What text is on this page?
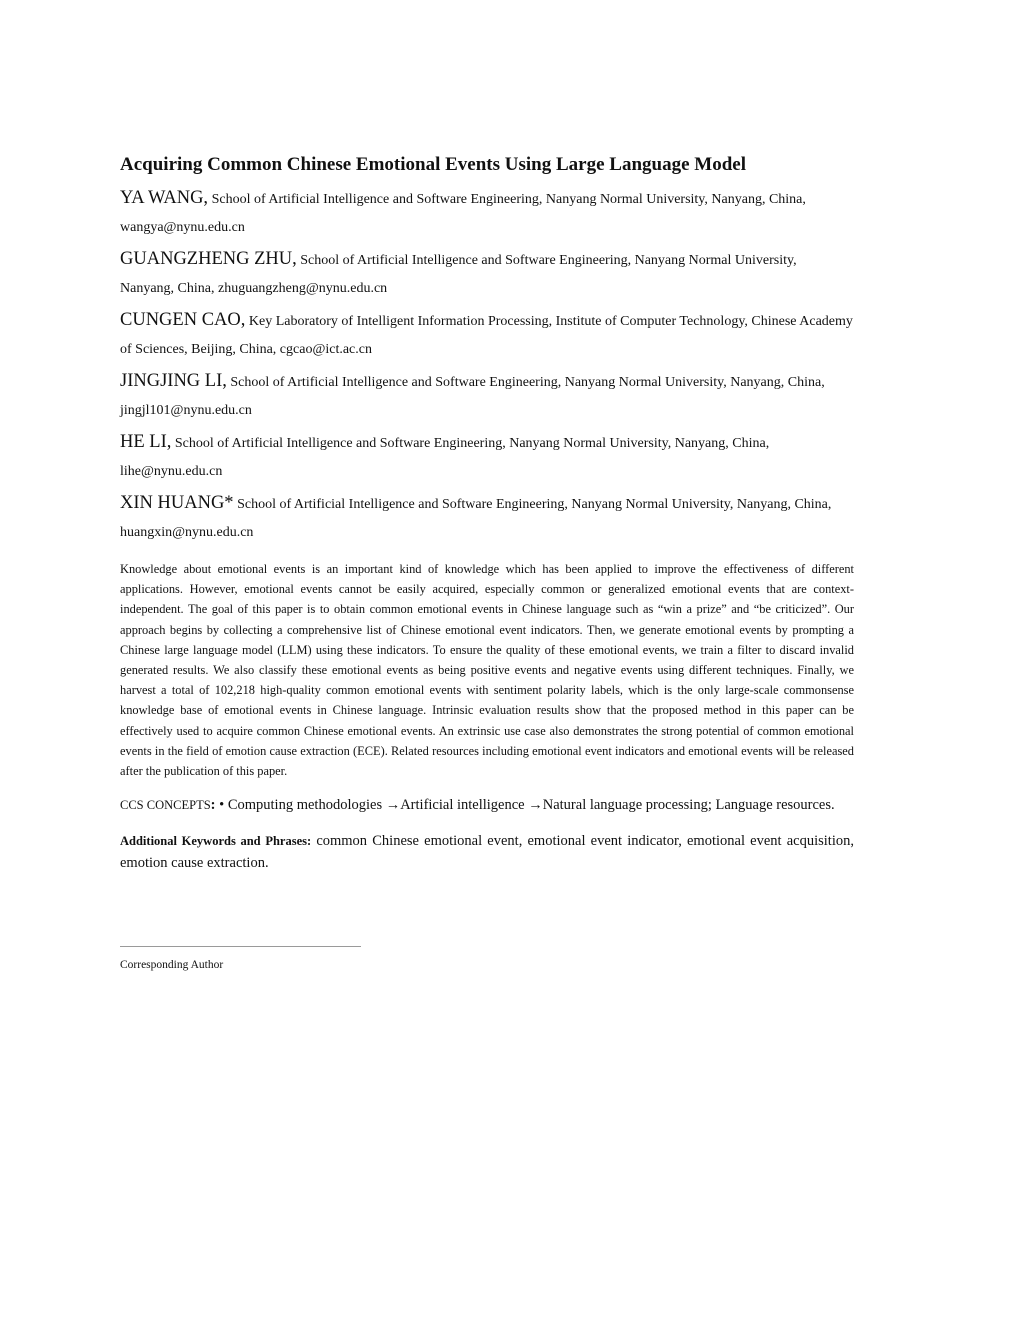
Acquiring Common Chinese Emotional Events Using Large Language Model

YA WANG, School of Artificial Intelligence and Software Engineering, Nanyang Normal University, Nanyang, China, wangya@nynu.edu.cn

GUANGZHENG ZHU, School of Artificial Intelligence and Software Engineering, Nanyang Normal University, Nanyang, China, zhuguangzheng@nynu.edu.cn

CUNGEN CAO, Key Laboratory of Intelligent Information Processing, Institute of Computer Technology, Chinese Academy of Sciences, Beijing, China, cgcao@ict.ac.cn

JINGJING LI, School of Artificial Intelligence and Software Engineering, Nanyang Normal University, Nanyang, China, jingjl101@nynu.edu.cn

HE LI, School of Artificial Intelligence and Software Engineering, Nanyang Normal University, Nanyang, China, lihe@nynu.edu.cn

XIN HUANG* School of Artificial Intelligence and Software Engineering, Nanyang Normal University, Nanyang, China, huangxin@nynu.edu.cn

Knowledge about emotional events is an important kind of knowledge which has been applied to improve the effectiveness of different applications. However, emotional events cannot be easily acquired, especially common or generalized emotional events that are context-independent. The goal of this paper is to obtain common emotional events in Chinese language such as “win a prize” and “be criticized”. Our approach begins by collecting a comprehensive list of Chinese emotional event indicators. Then, we generate emotional events by prompting a Chinese large language model (LLM) using these indicators. To ensure the quality of these emotional events, we train a filter to discard invalid generated results. We also classify these emotional events as being positive events and negative events using different techniques. Finally, we harvest a total of 102,218 high-quality common emotional events with sentiment polarity labels, which is the only large-scale commonsense knowledge base of emotional events in Chinese language. Intrinsic evaluation results show that the proposed method in this paper can be effectively used to acquire common Chinese emotional events. An extrinsic use case also demonstrates the strong potential of common emotional events in the field of emotion cause extraction (ECE). Related resources including emotional event indicators and emotional events will be released after the publication of this paper.

CCS CONCEPTS: • Computing methodologies →Artificial intelligence →Natural language processing; Language resources.

Additional Keywords and Phrases: common Chinese emotional event, emotional event indicator, emotional event acquisition, emotion cause extraction.

Corresponding Author
